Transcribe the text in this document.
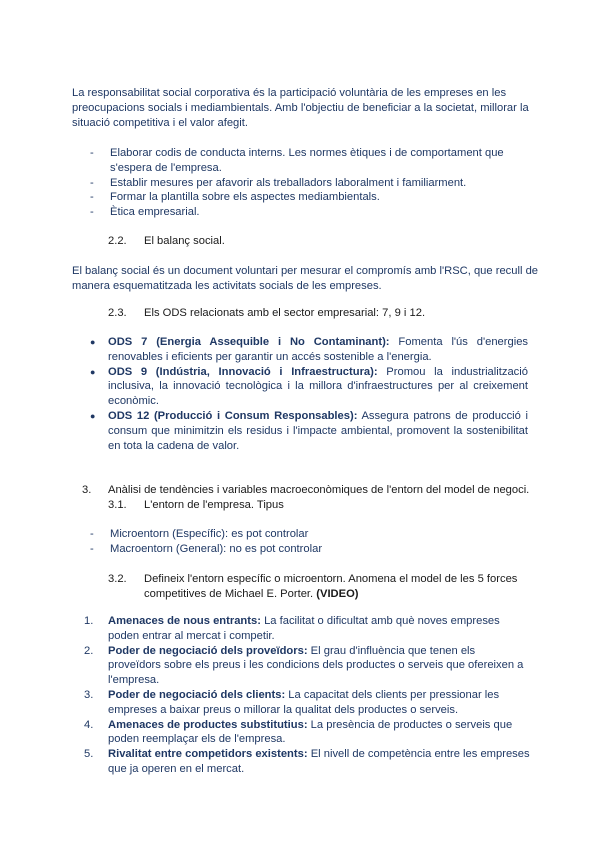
La responsabilitat social corporativa és la participació voluntària de les empreses en les preocupacions socials i mediambientals. Amb l'objectiu de beneficiar a la societat, millorar la situació competitiva i el valor afegit.

- Elaborar codis de conducta interns. Les normes ètiques i de comportament que s'espera de l'empresa.
- Establir mesures per afavorir als treballadors laboralment i familiarment.
- Formar la plantilla sobre els aspectes mediambientals.
- Ètica empresarial.
2.2. El balanç social.

El balanç social és un document voluntari per mesurar el compromís amb l'RSC, que recull de manera esquematitzada les activitats socials de les empreses.

2.3. Els ODS relacionats amb el sector empresarial: 7, 9 i 12.
● ODS 7 (Energia Assequible i No Contaminant): Fomenta l'ús d'energies renovables i eficients per garantir un accés sostenible a l'energia.
● ODS 9 (Indústria, Innovació i Infraestructura): Promou la industrialització inclusiva, la innovació tecnològica i la millora d'infraestructures per al creixement econòmic.
● ODS 12 (Producció i Consum Responsables): Assegura patrons de producció i consum que minimitzin els residus i l'impacte ambiental, promovent la sostenibilitat en tota la cadena de valor.
3.	Anàlisi de tendències i variables macroeconòmiques de l'entorn del model de negoci.
3.1. L'entorn de l'empresa. Tipus
- Microentorn (Específic): es pot controlar
- Macroentorn (General): no es pot controlar
3.2.	Defineix l'entorn específic o microentorn. Anomena el model de les 5 forces competitives de Michael E. Porter. (VIDEO)
1. Amenaces de nous entrants: La facilitat o dificultat amb què noves empreses poden entrar al mercat i competir.
2. Poder de negociació dels proveïdors: El grau d'influència que tenen els proveïdors sobre els preus i les condicions dels productes o serveis que ofereixen a l'empresa.
3. Poder de negociació dels clients: La capacitat dels clients per pressionar les empreses a baixar preus o millorar la qualitat dels productes o serveis.
4. Amenaces de productes substitutius: La presència de productes o serveis que poden reemplaçar els de l'empresa.
5. Rivalitat entre competidors existents: El nivell de competència entre les empreses que ja operen en el mercat.
